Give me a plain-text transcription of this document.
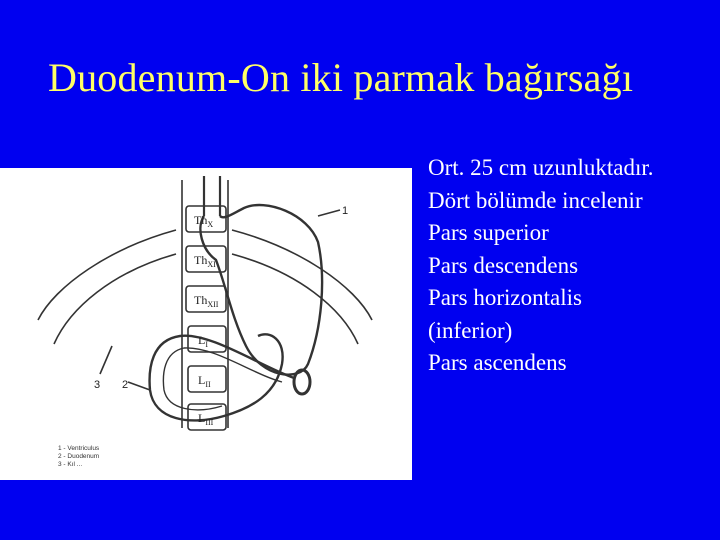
Duodenum-On iki parmak bağırsağı
$Th_X$
$Th_{XI}$
$Th_{XII}$
$L_I$
$L_{II}$
$L_{III}$
1
2
3
1 - Ventriculus
2 - Duodenum
3 - Kıl ...
Ort. 25 cm uzunluktadır.
Dört bölümde incelenir
Pars superior
Pars descendens
Pars horizontalis
(inferior)
Pars ascendens
